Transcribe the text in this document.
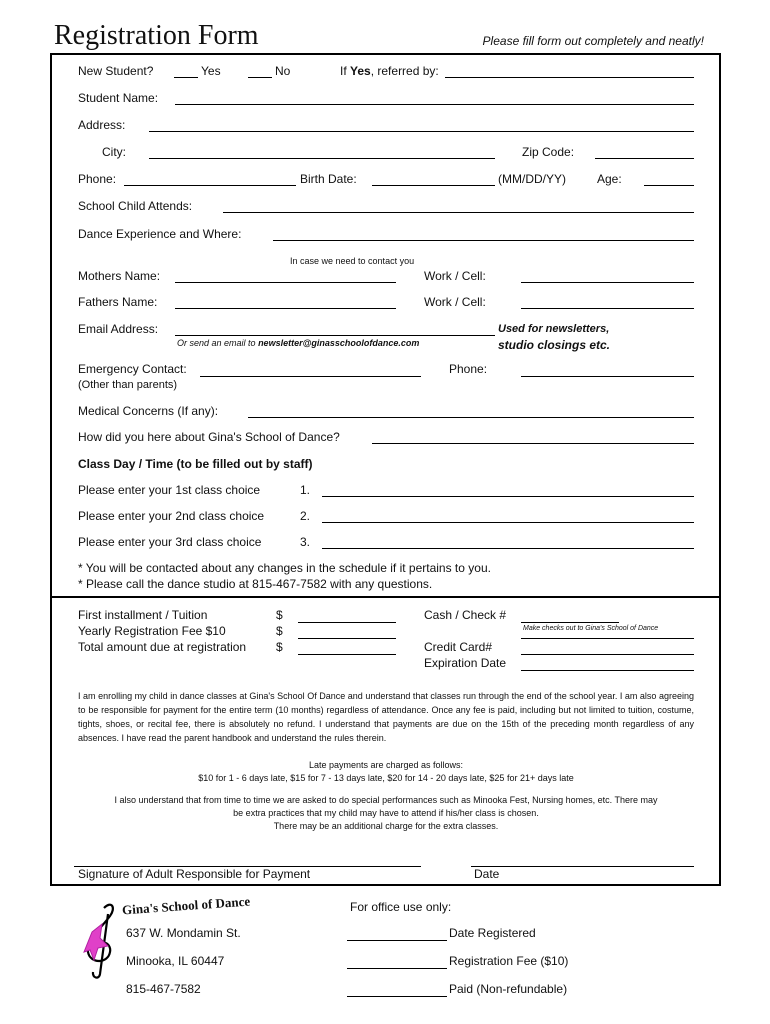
Registration Form	Please fill form out completely and neatly!
New Student?	Yes	No	If Yes, referred by:
Student Name:
Address:
City:	Zip Code:
Phone:	Birth Date:	(MM/DD/YY)	Age:
School Child Attends:
Dance Experience and Where:
In case we need to contact you
Mothers Name:	Work / Cell:
Fathers Name:	Work / Cell:
Email Address:
Or send an email to newsletter@ginasschoolofdance.com
Used for newsletters,
studio closings etc.
Emergency Contact:
(Other than parents)
Phone:
Medical Concerns (If any):
How did you here about Gina's School of Dance?
Class Day / Time (to be filled out by staff)
Please enter your 1st class choice	1.
Please enter your 2nd class choice	2.
Please enter your 3rd class choice	3.
* You will be contacted about any changes in the schedule if it pertains to you.
* Please call the dance studio at 815-467-7582 with any questions.
First installment / Tuition	$
Yearly Registration Fee $10	$
Total amount due at registration $
Cash / Check #
Make checks out to Gina's School of Dance
Credit Card#
Expiration Date
I am enrolling my child in dance classes at Gina's School Of Dance and understand that classes run through the end of the school year. I am also agreeing to be responsible for payment for the entire term (10 months) regardless of attendance. Once any fee is paid, including but not limited to tuition, costume, tights, shoes, or recital fee, there is absolutely no refund. I understand that payments are due on the 15th of the preceding month regardless of any absences. I have read the parent handbook and understand the rules therein.
Late payments are charged as follows:
$10 for 1 - 6 days late, $15 for 7 - 13 days late, $20 for 14 - 20 days late, $25 for 21+ days late
I also understand that from time to time we are asked to do special performances such as Minooka Fest, Nursing homes, etc. There may
be extra practices that my child may have to attend if his/her class is chosen.
There may be an additional charge for the extra classes.
Signature of Adult Responsible for Payment	Date
Gina's School of Dance
637 W. Mondamin St.
Minooka, IL 60447
815-467-7582
For office use only:
Date Registered
Registration Fee ($10)
Paid (Non-refundable)
